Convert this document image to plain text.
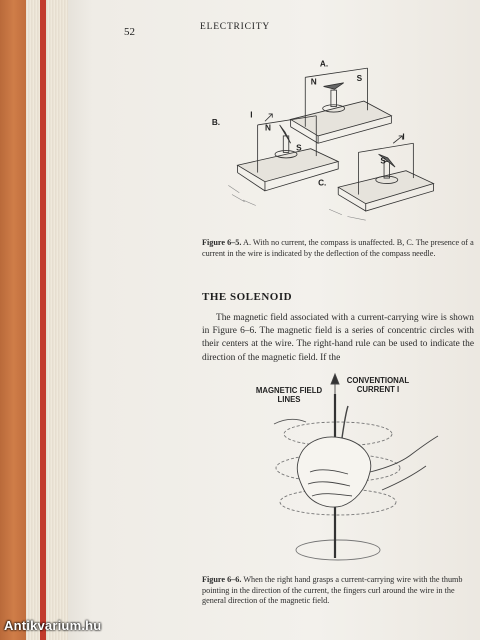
52	ELECTRICITY
A.
B.
C.
N	S
N
S
I
S
I
Figure 6–5. A. With no current, the compass is unaffected. B, C. The presence of a current in the wire is indicated by the deflection of the compass needle.
THE SOLENOID
The magnetic field associated with a current-carrying wire is shown in Figure 6–6. The magnetic field is a series of concentric circles with their centers at the wire. The right-hand rule can be used to indicate the direction of the magnetic field. If the
MAGNETIC FIELD LINES
CONVENTIONAL CURRENT I
Figure 6–6. When the right hand grasps a current-carrying wire with the thumb pointing in the direction of the current, the fingers curl around the wire in the general direction of the magnetic field.
Antikvarium.hu
